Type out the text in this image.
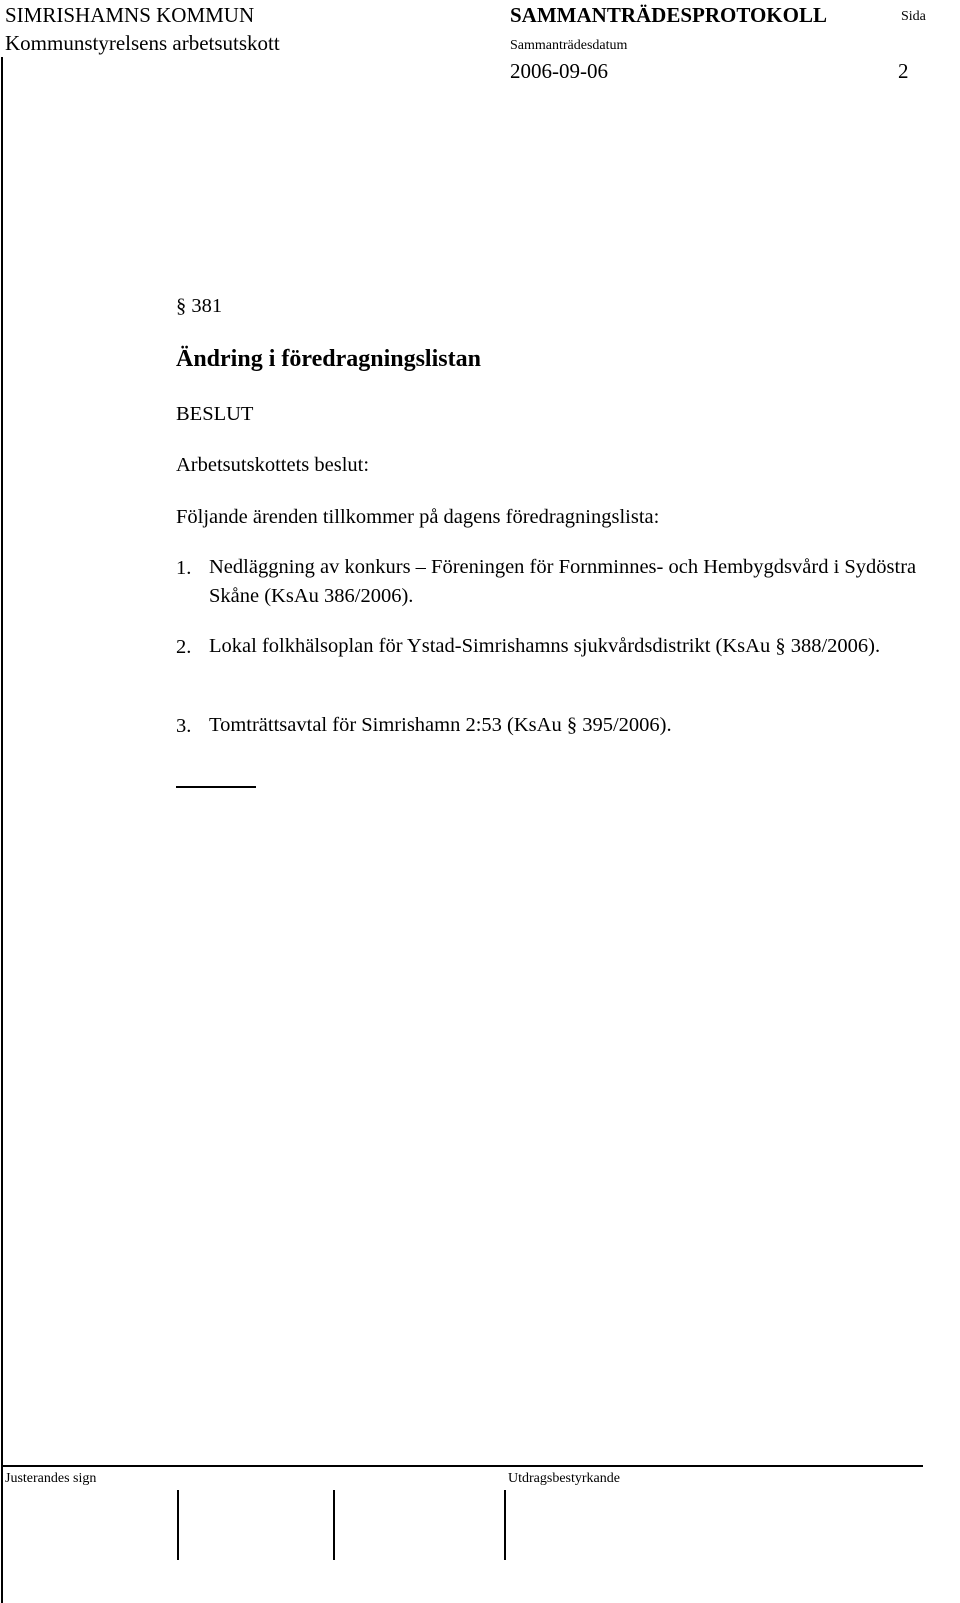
SIMRISHAMNS KOMMUN
Kommunstyrelsens arbetsutskott
SAMMANTRÄDESPROTOKOLL	Sida
Sammanträdesdatum
2006-09-06	2
§ 381
Ändring i föredragningslistan
BESLUT
Arbetsutskottets beslut:
Följande ärenden tillkommer på dagens föredragningslista:
1. Nedläggning av konkurs – Föreningen för Fornminnes- och Hembygdsvård i Sydöstra Skåne (KsAu 386/2006).
2. Lokal folkhälsoplan för Ystad-Simrishamns sjukvårdsdistrikt (KsAu § 388/2006).
3. Tomträttsavtal för Simrishamn 2:53 (KsAu § 395/2006).
Justerandes sign	Utdragsbestyrkande
